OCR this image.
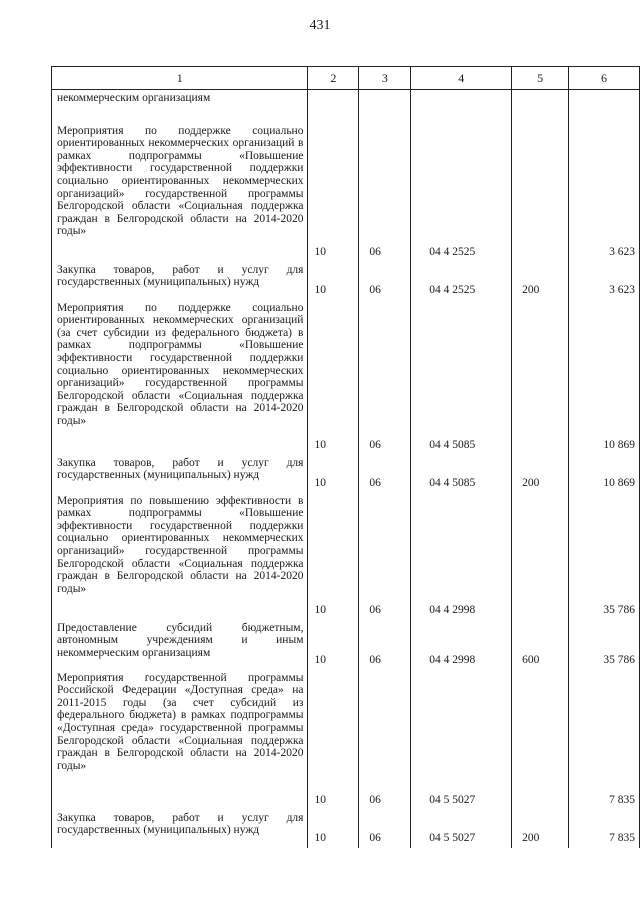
431
1	2	3	4	5	6

некоммерческим организациям					

Мероприятия по поддержке социально ориентированных некоммерческих организаций в рамках подпрограммы «Повышение эффективности государственной поддержки социально ориентированных некоммерческих организаций» государственной программы Белгородской области «Социальная поддержка граждан в Белгородской области на 2014-2020 годы»	10	06	04 4 2525		3 623

Закупка товаров, работ и услуг для государственных (муниципальных) нужд	10	06	04 4 2525	200	3 623

Мероприятия по поддержке социально ориентированных некоммерческих организаций (за счет субсидии из федерального бюджета) в рамках подпрограммы «Повышение эффективности государственной поддержки социально ориентированных некоммерческих организаций» государственной программы Белгородской области «Социальная поддержка граждан в Белгородской области на 2014-2020 годы»	10	06	04 4 5085		10 869

Закупка товаров, работ и услуг для государственных (муниципальных) нужд	10	06	04 4 5085	200	10 869

Мероприятия по повышению эффективности в рамках подпрограммы «Повышение эффективности государственной поддержки социально ориентированных некоммерческих организаций» государственной программы Белгородской области «Социальная поддержка граждан в Белгородской области на 2014-2020 годы»	10	06	04 4 2998		35 786

Предоставление субсидий бюджетным, автономным учреждениям и иным некоммерческим организациям	10	06	04 4 2998	600	35 786

Мероприятия государственной программы Российской Федерации «Доступная среда» на 2011-2015 годы (за счет субсидий из федерального бюджета) в рамках подпрограммы «Доступная среда» государственной программы Белгородской области «Социальная поддержка граждан в Белгородской области на 2014-2020 годы»	10	06	04 5 5027		7 835

Закупка товаров, работ и услуг для государственных (муниципальных) нужд	10	06	04 5 5027	200	7 835
